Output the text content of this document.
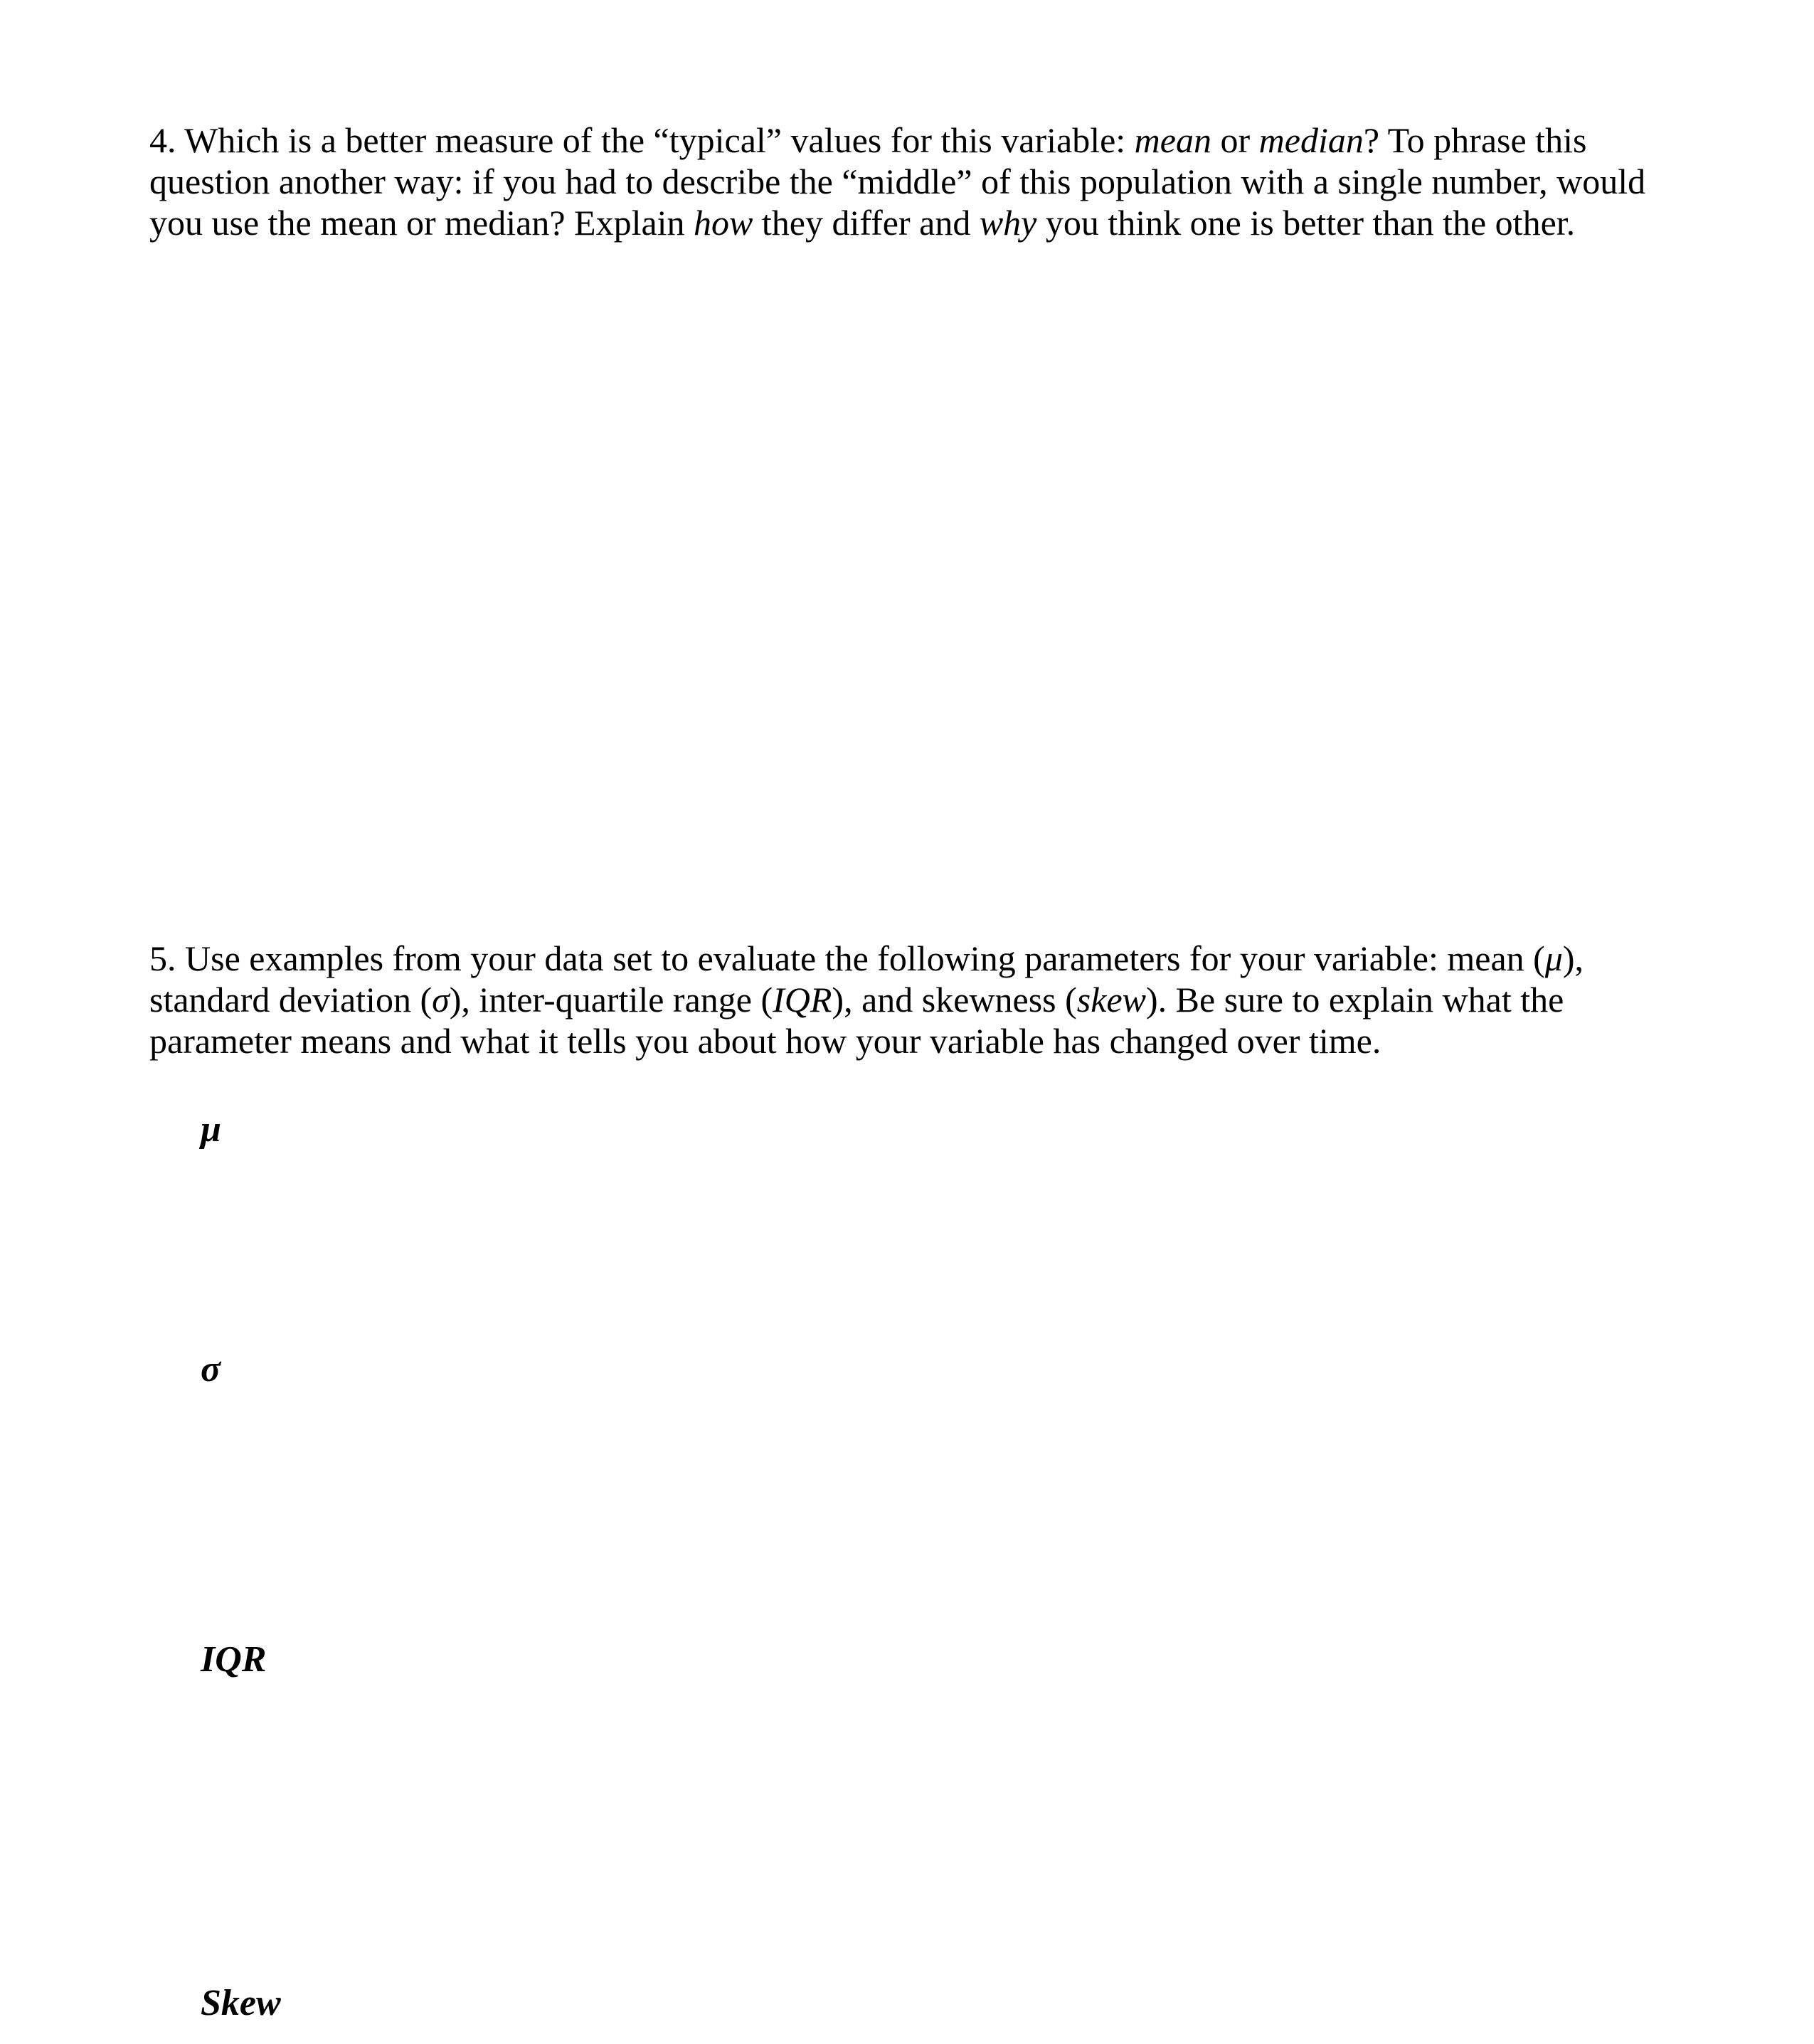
4. Which is a better measure of the “typical” values for this variable: mean or median? To phrase this question another way: if you had to describe the “middle” of this population with a single number, would you use the mean or median? Explain how they differ and why you think one is better than the other.

5. Use examples from your data set to evaluate the following parameters for your variable: mean (μ), standard deviation (σ), inter-quartile range (IQR), and skewness (skew). Be sure to explain what the parameter means and what it tells you about how your variable has changed over time.

μ

σ

IQR

Skew
